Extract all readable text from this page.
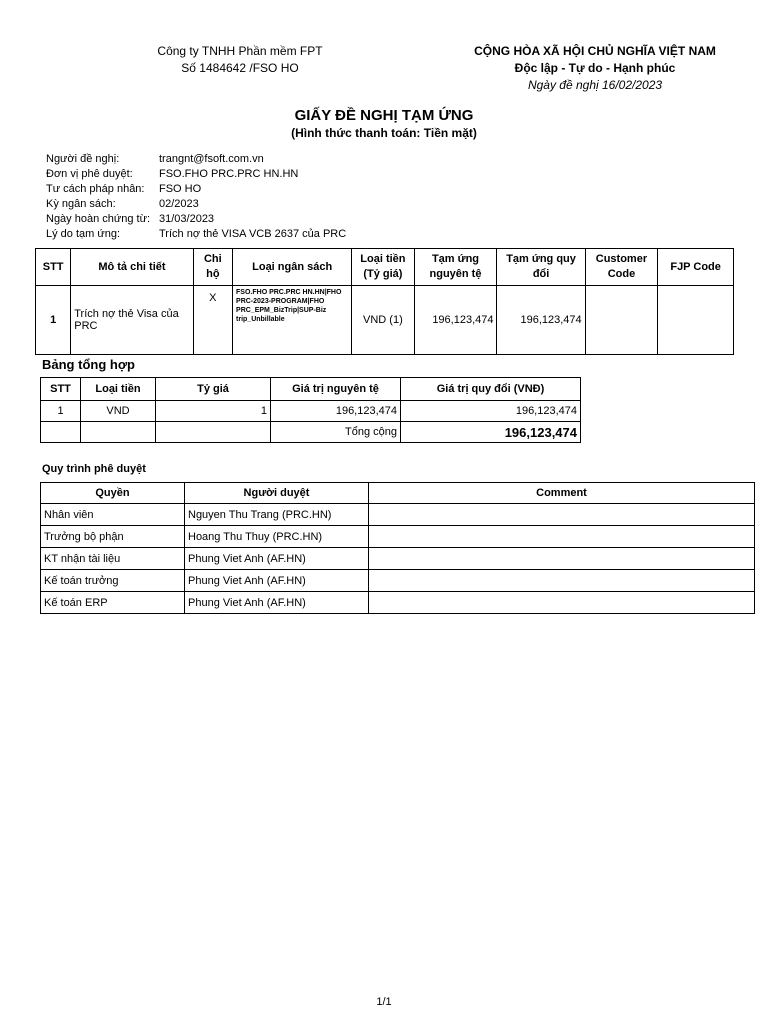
Công ty TNHH Phần mềm FPT
Số 1484642 /FSO HO
CỘNG HÒA XÃ HỘI CHỦ NGHĨA VIỆT NAM
Độc lập - Tự do - Hạnh phúc
Ngày đề nghị 16/02/2023
GIẤY ĐỀ NGHỊ TẠM ỨNG
(Hình thức thanh toán: Tiền mặt)
Người đề nghị:	trangnt@fsoft.com.vn
Đơn vị phê duyệt: FSO.FHO PRC.PRC HN.HN
Tư cách pháp nhân: FSO HO
Kỳ ngân sách:	02/2023
Ngày hoàn chứng từ: 31/03/2023
Lý do tạm ứng:	Trích nợ thẻ VISA VCB 2637 của PRC
STT	Mô tả chi tiết	Chi hộ	Loại ngân sách	Loại tiền (Tỷ giá)	Tạm ứng nguyên tệ	Tạm ứng quy đổi	Customer Code	FJP Code
1	Trích nợ thẻ Visa của PRC	X	FSO.FHO PRC.PRC HN.HN|FHO PRC-2023-PROGRAM|FHO PRC_EPM_BizTrip|SUP-Biz trip_Unbillable	VND (1)	196,123,474	196,123,474		
Bảng tổng hợp
STT	Loại tiền	Tỷ giá	Giá trị nguyên tệ	Giá trị quy đổi (VNĐ)
1	VND	1	196,123,474	196,123,474
			Tổng cộng	196,123,474
Quy trình phê duyệt
Quyền	Người duyệt	Comment
Nhân viên	Nguyen Thu Trang (PRC.HN)	
Trưởng bộ phận	Hoang Thu Thuy (PRC.HN)	
KT nhận tài liệu	Phung Viet Anh (AF.HN)	
Kế toán trưởng	Phung Viet Anh (AF.HN)	
Kế toán ERP	Phung Viet Anh (AF.HN)	
1/1
